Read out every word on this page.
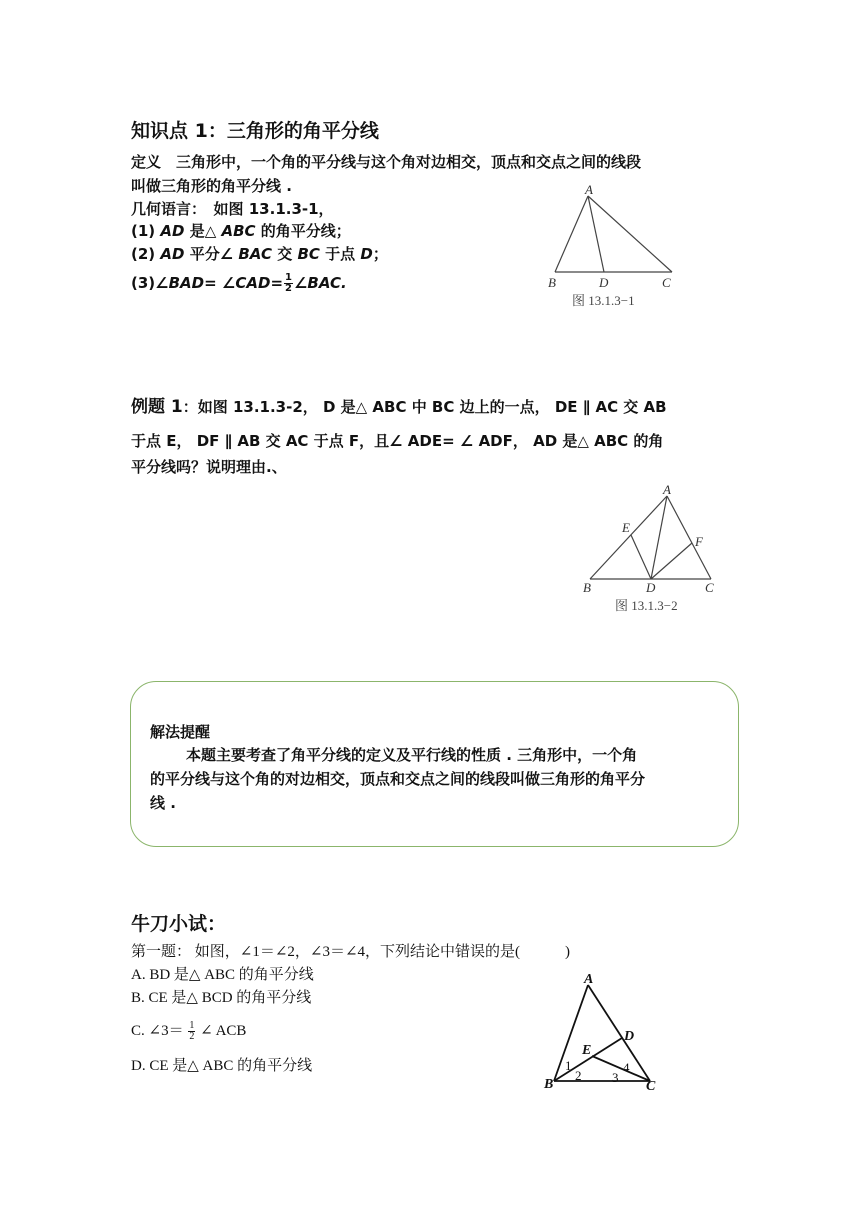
知识点 1：三角形的角平分线
定义　三角形中，一个角的平分线与这个角对边相交，顶点和交点之间的线段
叫做三角形的角平分线 .
几何语言：　如图 13.1.3-1，
(1) AD 是△ ABC 的角平分线；
(2) AD 平分∠ BAC 交 BC 于点 D；
(3)∠BAD= ∠CAD= $\frac{1}{2}$ ∠BAC.
A
B	C
D
图 13.1.3−1
例题 1：如图 13.1.3-2， D 是△ ABC 中 BC 边上的一点， DE ∥ AC 交 AB
于点 E， DF ∥ AB 交 AC 于点 F，且∠ ADE= ∠ ADF， AD 是△ ABC 的角
平分线吗？说明理由.、
A
B	C
D
E
F
图 13.1.3−2
解法提醒
本题主要考查了角平分线的定义及平行线的性质 . 三角形中，一个角
的平分线与这个角的对边相交，顶点和交点之间的线段叫做三角形的角平分
线 .
牛刀小试：
第一题： 如图，∠1＝∠2，∠3＝∠4，下列结论中错误的是(　　　)
A. BD 是△ ABC 的角平分线
B. CE 是△ BCD 的角平分线
C. ∠3＝ $\frac{1}{2}$ ∠ ACB
D. CE 是△ ABC 的角平分线
A
B	C
D
E
1
2 3
4
